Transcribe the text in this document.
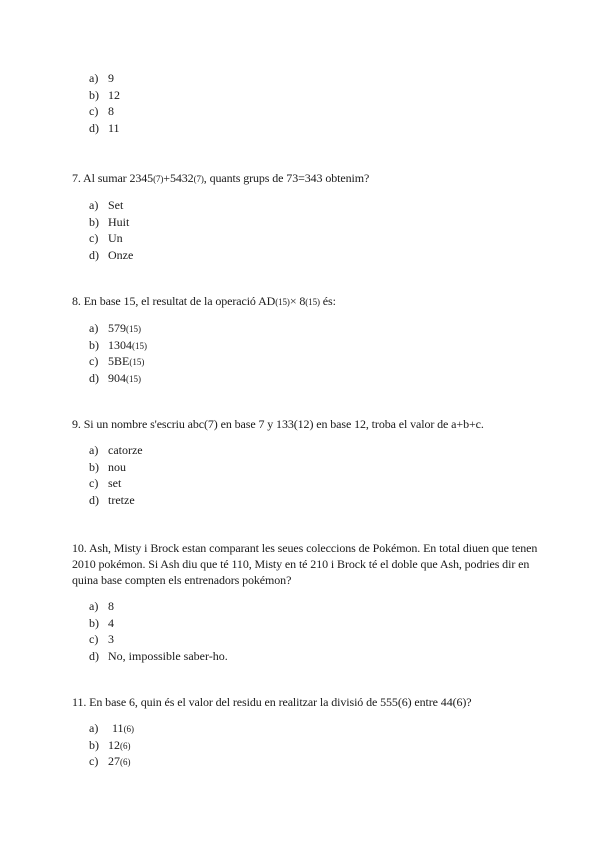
a) 9
b) 12
c) 8
d) 11

7. Al sumar 2345(7)+5432(7), quants grups de 73=343 obtenim?

a) Set
b) Huit
c) Un
d) Onze

8. En base 15, el resultat de la operació AD(15)× 8(15) és:

a) 579(15)
b) 1304(15)
c) 5BE(15)
d) 904(15)

9. Si un nombre s'escriu abc(7) en base 7 y 133(12) en base 12, troba el valor de a+b+c.

a) catorze
b) nou
c) set
d) tretze

10. Ash, Misty i Brock estan comparant les seues coleccions de Pokémon. En total diuen que tenen 2010 pokémon. Si Ash diu que té 110, Misty en té 210 i Brock té el doble que Ash, podries dir en quina base compten els entrenadors pokémon?

a) 8
b) 4
c) 3
d) No, impossible saber-ho.

11. En base 6, quin és el valor del residu en realitzar la divisió de 555(6) entre 44(6)?

a)	11(6)
b) 12(6)
c) 27(6)
